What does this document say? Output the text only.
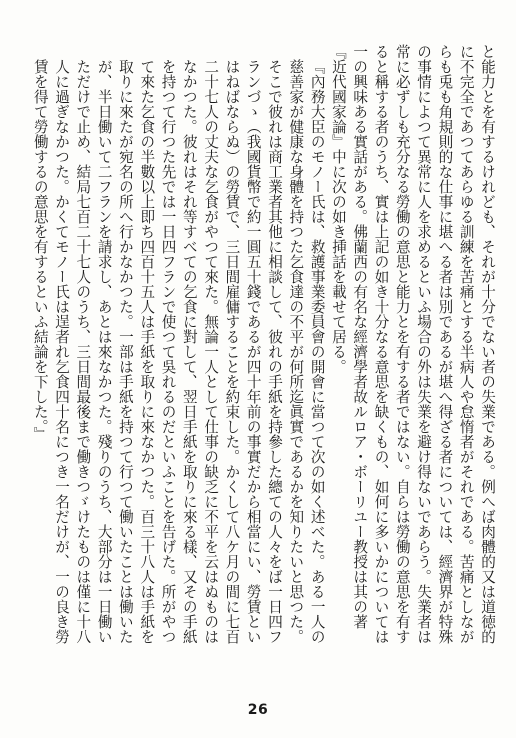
と能力とを有するけれども、それが十分でない者の失業である。例へば肉體的又は道徳的に不完全であつてあらゆる訓練を苦痛とする半病人や怠惰者がそれである。苦痛としながらも兎も角規則的な仕事に堪へる者は別であるが堪へ得ざる者については、經濟界が特殊の事情によつて異常に人を求めるといふ場合の外は失業を避け得ないであらう。失業者は常に必ずしも充分なる勞働の意思と能力とを有する者ではない。自らは勞働の意思を有すると稱する者のうち、實は上記の如き十分なる意思を缺くもの、如何に多いかについては一の興味ある實話がある。佛蘭西の有名な經濟學者故ルロア・ボーリユー教授は其の著『近代國家論』中に次の如き挿話を載せて居る。

『內務大臣のモノー氏は、救護事業委員會の開會に當つて次の如く述べた。ある一人の慈善家が健康な身體を持つた乞食達の不平が何所迄眞實であるかを知りたいと思つた。そこで彼れは商工業者其他に相談して、彼れの手紙を持參した總ての人々をば一日四フランづゝ（我國貨幣で約一圓五十錢であるが四十年前の事實だから相當にい、勞賃といはねばならぬ）の勞賃で、三日間雇傭することを約束した。かくして八ケ月の間に七百二十七人の丈夫な乞食がやつて來た。無論一人として仕事の缺乏に不平を云はぬものはなかつた。彼れはそれ等すべての乞食に對して、翌日手紙を取りに來る樣、又その手紙を持つて行つた先では一日四フランで使つて吳れるのだといふことを告げた。所がやつて來た乞食の半數以上即ち四百十五人は手紙を取りに來なかつた。百三十八人は手紙を取りに來たが宛名の所へ行かなかつた。一部は手紙を持つて行つて働いたことは働いたが、半日働いて二フランを請求し、あとは來なかつた。殘りのうち、大部分は一日働いただけで止め、結局七百二十七人のうち、三日間最後まで働きつゞけたものは僅に十八人に過ぎなかつた。かくてモノー氏は逞者れ乞食四十名につき一名だけが、一の良き勞賃を得て勞働するの意思を有するといふ結論を下した。』

26
